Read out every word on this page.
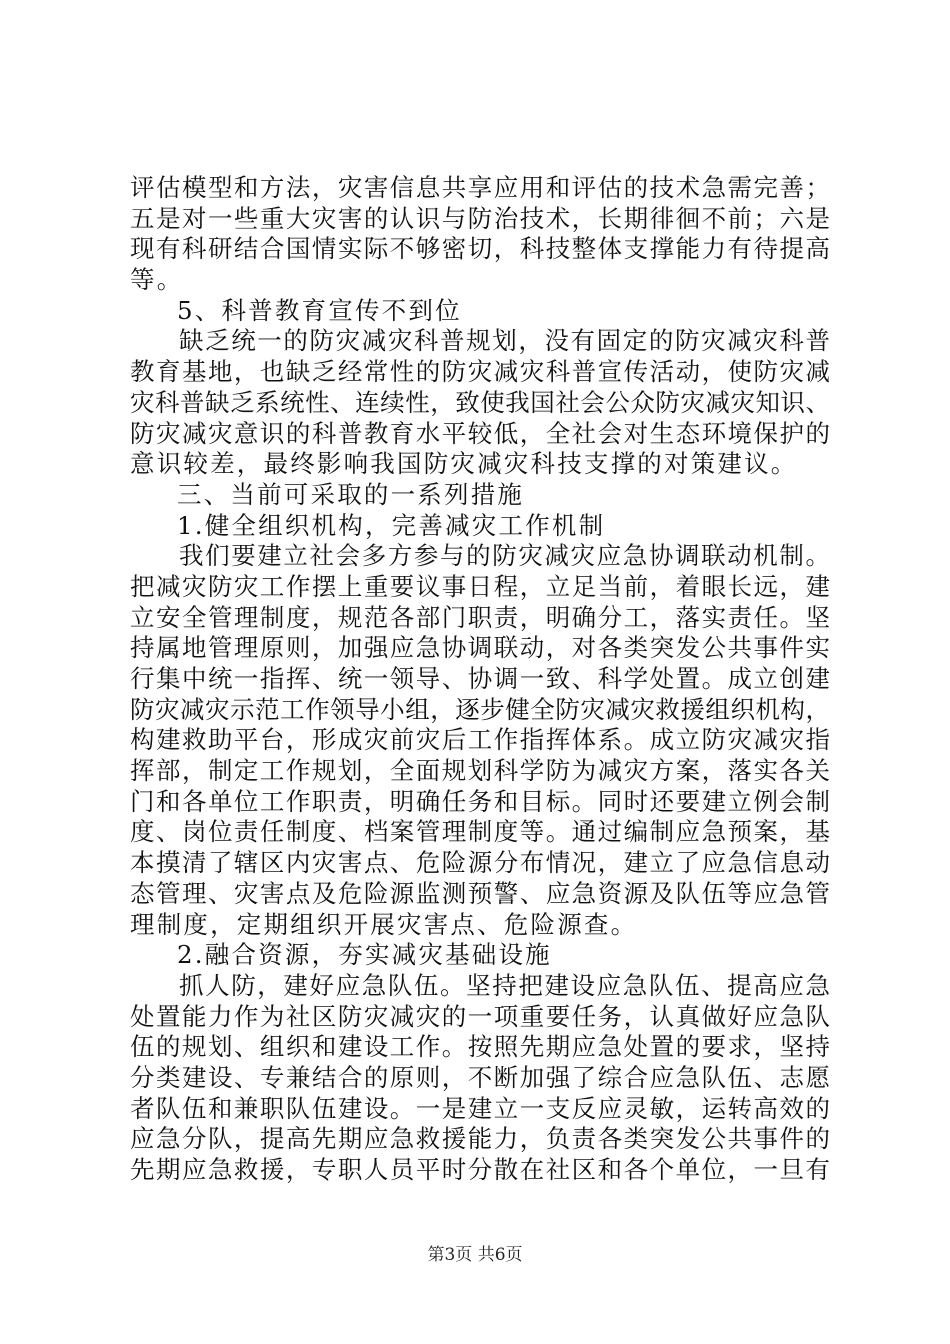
评估模型和方法，灾害信息共享应用和评估的技术急需完善；
五是对一些重大灾害的认识与防治技术，长期徘徊不前；六是
现有科研结合国情实际不够密切，科技整体支撑能力有待提高
等。
5、科普教育宣传不到位
缺乏统一的防灾减灾科普规划，没有固定的防灾减灾科普
教育基地，也缺乏经常性的防灾减灾科普宣传活动，使防灾减
灾科普缺乏系统性、连续性，致使我国社会公众防灾减灾知识、
防灾减灾意识的科普教育水平较低，全社会对生态环境保护的
意识较差，最终影响我国防灾减灾科技支撑的对策建议。
三、当前可采取的一系列措施
1.健全组织机构，完善减灾工作机制
我们要建立社会多方参与的防灾减灾应急协调联动机制。
把减灾防灾工作摆上重要议事日程，立足当前，着眼长远，建
立安全管理制度，规范各部门职责，明确分工，落实责任。坚
持属地管理原则，加强应急协调联动，对各类突发公共事件实
行集中统一指挥、统一领导、协调一致、科学处置。成立创建
防灾减灾示范工作领导小组，逐步健全防灾减灾救援组织机构，
构建救助平台，形成灾前灾后工作指挥体系。成立防灾减灾指
挥部，制定工作规划，全面规划科学防为减灾方案，落实各关
门和各单位工作职责，明确任务和目标。同时还要建立例会制
度、岗位责任制度、档案管理制度等。通过编制应急预案，基
本摸清了辖区内灾害点、危险源分布情况，建立了应急信息动
态管理、灾害点及危险源监测预警、应急资源及队伍等应急管
理制度，定期组织开展灾害点、危险源查。
2.融合资源，夯实减灾基础设施
抓人防，建好应急队伍。坚持把建设应急队伍、提高应急
处置能力作为社区防灾减灾的一项重要任务，认真做好应急队
伍的规划、组织和建设工作。按照先期应急处置的要求，坚持
分类建设、专兼结合的原则，不断加强了综合应急队伍、志愿
者队伍和兼职队伍建设。一是建立一支反应灵敏，运转高效的
应急分队，提高先期应急救援能力，负责各类突发公共事件的
先期应急救援，专职人员平时分散在社区和各个单位，一旦有
第3页 共6页
